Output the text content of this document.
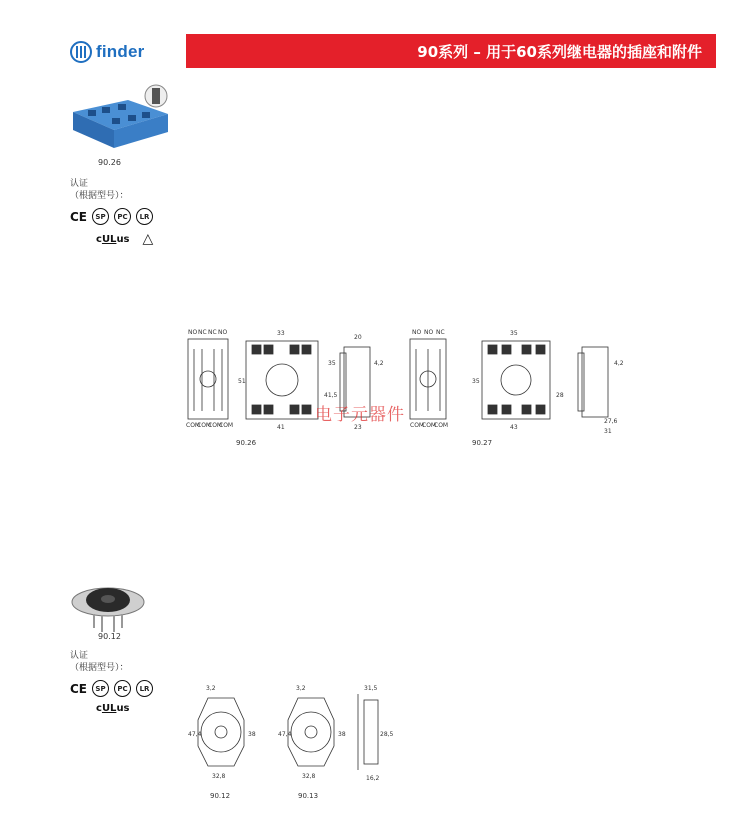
finder	90系列 – 用于60系列继电器的插座和附件
90.26
认证
（根据型号）：
CE	SP	PC	LR
cULus △
NO NC NC NO
COM
COM
COM
COM
33
41
51
20
23
35
41,5
4,2
NO NO NC
COM
COM
COM
35
43
35
28
27,6
31
4,2
90.26	90.27
电子元器件
90.12
认证
（根据型号）：
CE	SP	PC	LR
cULus
3,2	3,2
47,4	47,4
38	38
32,8	32,8
31,5
28,5
16,2
90.12	90.13
